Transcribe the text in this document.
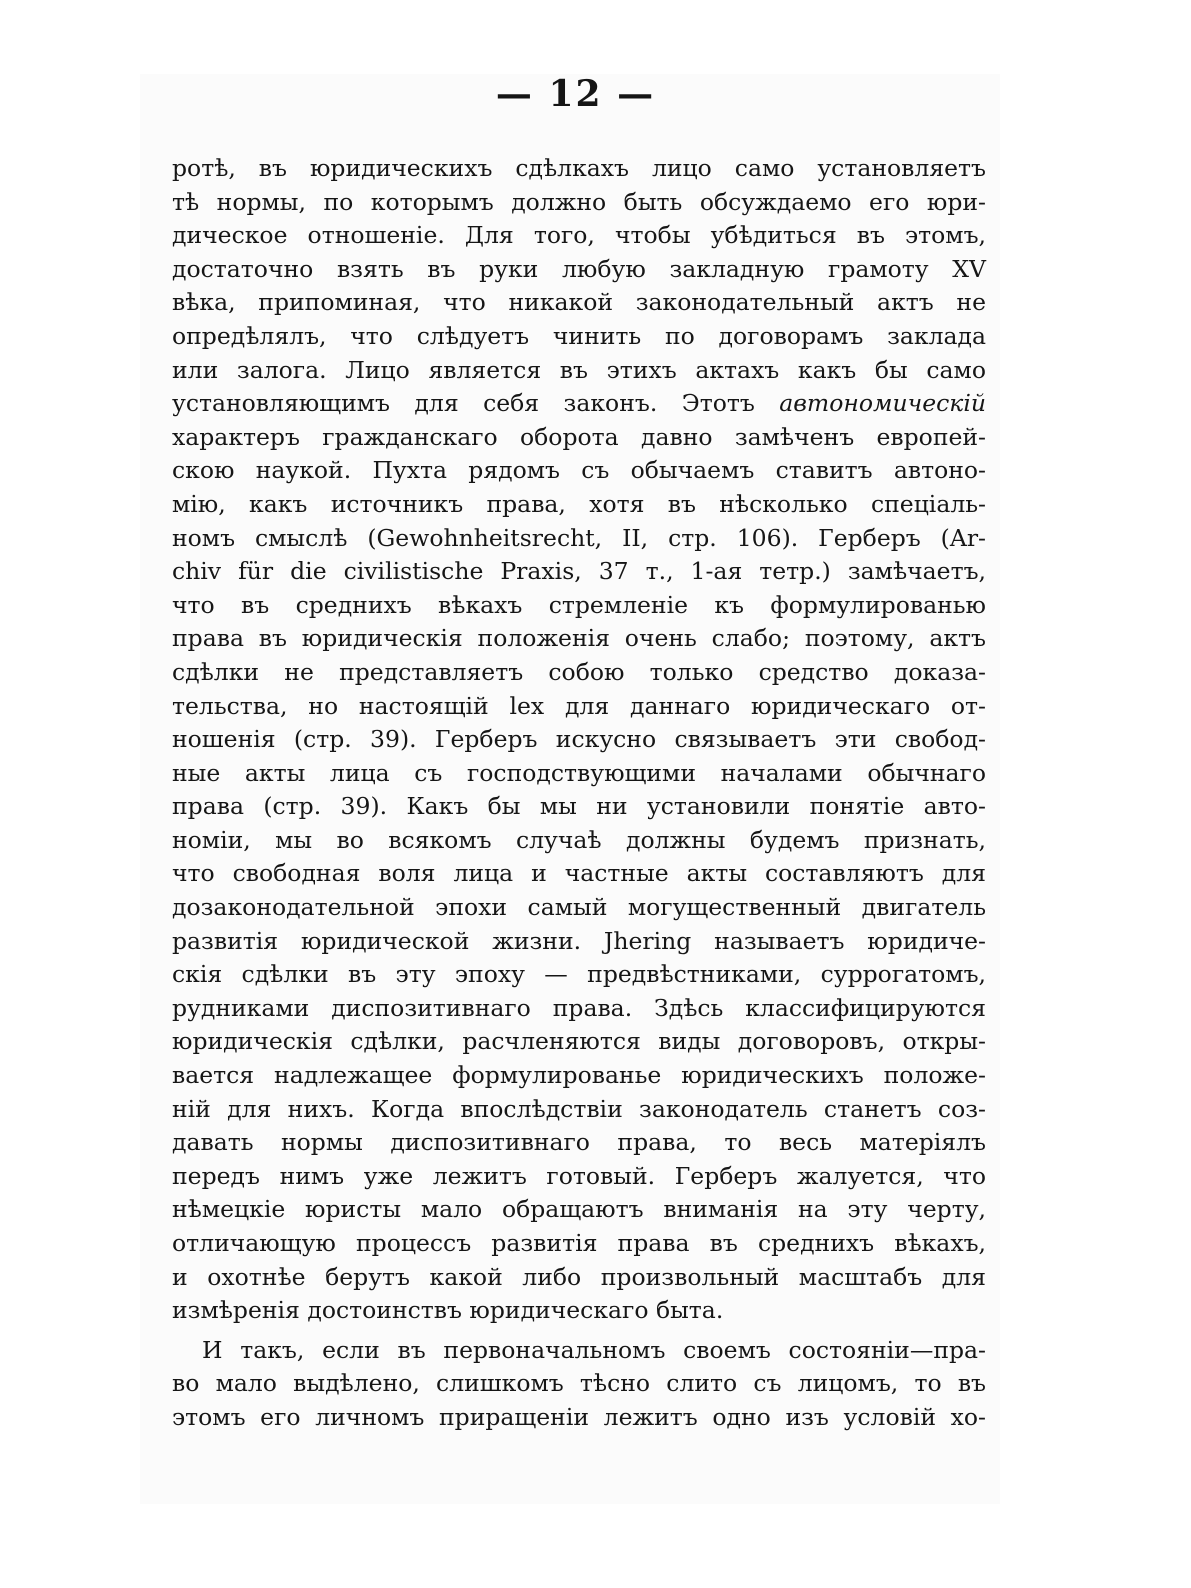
— 12 —
ротѣ, въ юридическихъ сдѣлкахъ лицо само установляетъ
тѣ нормы, по которымъ должно быть обсуждаемо его юри-
дическое отношеніе. Для того, чтобы убѣдиться въ этомъ,
достаточно взять въ руки любую закладную грамоту XV
вѣка, припоминая, что никакой законодательный актъ не
опредѣлялъ, что слѣдуетъ чинить по договорамъ заклада
или залога. Лицо является въ этихъ актахъ какъ бы само
установляющимъ для себя законъ. Этотъ автономическій
характеръ гражданскаго оборота давно замѣченъ европей-
скою наукой. Пухта рядомъ съ обычаемъ ставитъ автоно-
мію, какъ источникъ права, хотя въ нѣсколько спеціаль-
номъ смыслѣ (Gewohnheitsrecht, II, стр. 106). Герберъ (Ar-
chiv für die civilistische Praxis, 37 т., 1-ая тетр.) замѣчаетъ,
что въ среднихъ вѣкахъ стремленіе къ формулированью
права въ юридическія положенія очень слабо; поэтому, актъ
сдѣлки не представляетъ собою только средство доказа-
тельства, но настоящій lex для даннаго юридическаго от-
ношенія (стр. 39). Герберъ искусно связываетъ эти свобод-
ные акты лица съ господствующими началами обычнаго
права (стр. 39). Какъ бы мы ни установили понятіе авто-
номіи, мы во всякомъ случаѣ должны будемъ признать,
что свободная воля лица и частные акты составляютъ для
дозаконодательной эпохи самый могущественный двигатель
развитія юридической жизни. Jhering называетъ юридиче-
скія сдѣлки въ эту эпоху — предвѣстниками, суррогатомъ,
рудниками диспозитивнаго права. Здѣсь классифицируются
юридическія сдѣлки, расчленяются виды договоровъ, откры-
вается надлежащее формулированье юридическихъ положе-
ній для нихъ. Когда впослѣдствіи законодатель станетъ соз-
давать нормы диспозитивнаго права, то весь матеріялъ
передъ нимъ уже лежитъ готовый. Герберъ жалуется, что
нѣмецкіе юристы мало обращаютъ вниманія на эту черту,
отличающую процессъ развитія права въ среднихъ вѣкахъ,
и охотнѣе берутъ какой либо произвольный масштабъ для
измѣренія достоинствъ юридическаго быта.
И такъ, если въ первоначальномъ своемъ состояніи—пра-
во мало выдѣлено, слишкомъ тѣсно слито съ лицомъ, то въ
этомъ его личномъ приращеніи лежитъ одно изъ условій хо-
